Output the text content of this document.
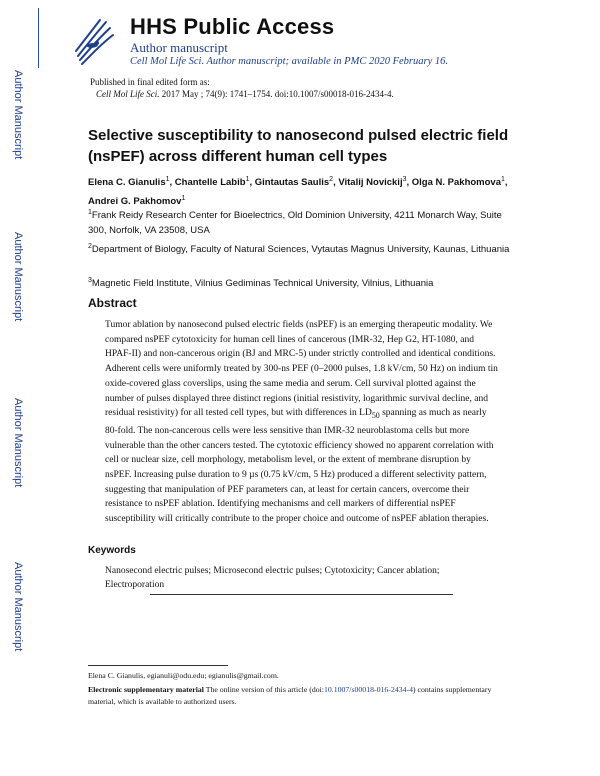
Author Manuscript
Author Manuscript
Author Manuscript
Author Manuscript
HHS Public Access
Author manuscript
Cell Mol Life Sci. Author manuscript; available in PMC 2020 February 16.
Published in final edited form as:
Cell Mol Life Sci. 2017 May ; 74(9): 1741–1754. doi:10.1007/s00018-016-2434-4.
Selective susceptibility to nanosecond pulsed electric field (nsPEF) across different human cell types
Elena C. Gianulis$^1$, Chantelle Labib$^1$, Gintautas Saulis$^2$, Vitalij Novickij$^3$, Olga N. Pakhomova$^1$, Andrei G. Pakhomov$^1$
$^1$Frank Reidy Research Center for Bioelectrics, Old Dominion University, 4211 Monarch Way, Suite 300, Norfolk, VA 23508, USA
$^2$Department of Biology, Faculty of Natural Sciences, Vytautas Magnus University, Kaunas, Lithuania
$^3$Magnetic Field Institute, Vilnius Gediminas Technical University, Vilnius, Lithuania
Abstract
Tumor ablation by nanosecond pulsed electric fields (nsPEF) is an emerging therapeutic modality. We compared nsPEF cytotoxicity for human cell lines of cancerous (IMR-32, Hep G2, HT-1080, and HPAF-II) and non-cancerous origin (BJ and MRC-5) under strictly controlled and identical conditions. Adherent cells were uniformly treated by 300-ns PEF (0–2000 pulses, 1.8 kV/cm, 50 Hz) on indium tin oxide-covered glass coverslips, using the same media and serum. Cell survival plotted against the number of pulses displayed three distinct regions (initial resistivity, logarithmic survival decline, and residual resistivity) for all tested cell types, but with differences in $LD_{50}$ spanning as much as nearly 80-fold. The non-cancerous cells were less sensitive than IMR-32 neuroblastoma cells but more vulnerable than the other cancers tested. The cytotoxic efficiency showed no apparent correlation with cell or nuclear size, cell morphology, metabolism level, or the extent of membrane disruption by nsPEF. Increasing pulse duration to 9 µs (0.75 kV/cm, 5 Hz) produced a different selectivity pattern, suggesting that manipulation of PEF parameters can, at least for certain cancers, overcome their resistance to nsPEF ablation. Identifying mechanisms and cell markers of differential nsPEF susceptibility will critically contribute to the proper choice and outcome of nsPEF ablation therapies.
Keywords
Nanosecond electric pulses; Microsecond electric pulses; Cytotoxicity; Cancer ablation; Electroporation
Elena C. Gianulis, egianuli@odu.edu; egianulis@gmail.com.
Electronic supplementary material The online version of this article (doi:10.1007/s00018-016-2434-4) contains supplementary material, which is available to authorized users.
